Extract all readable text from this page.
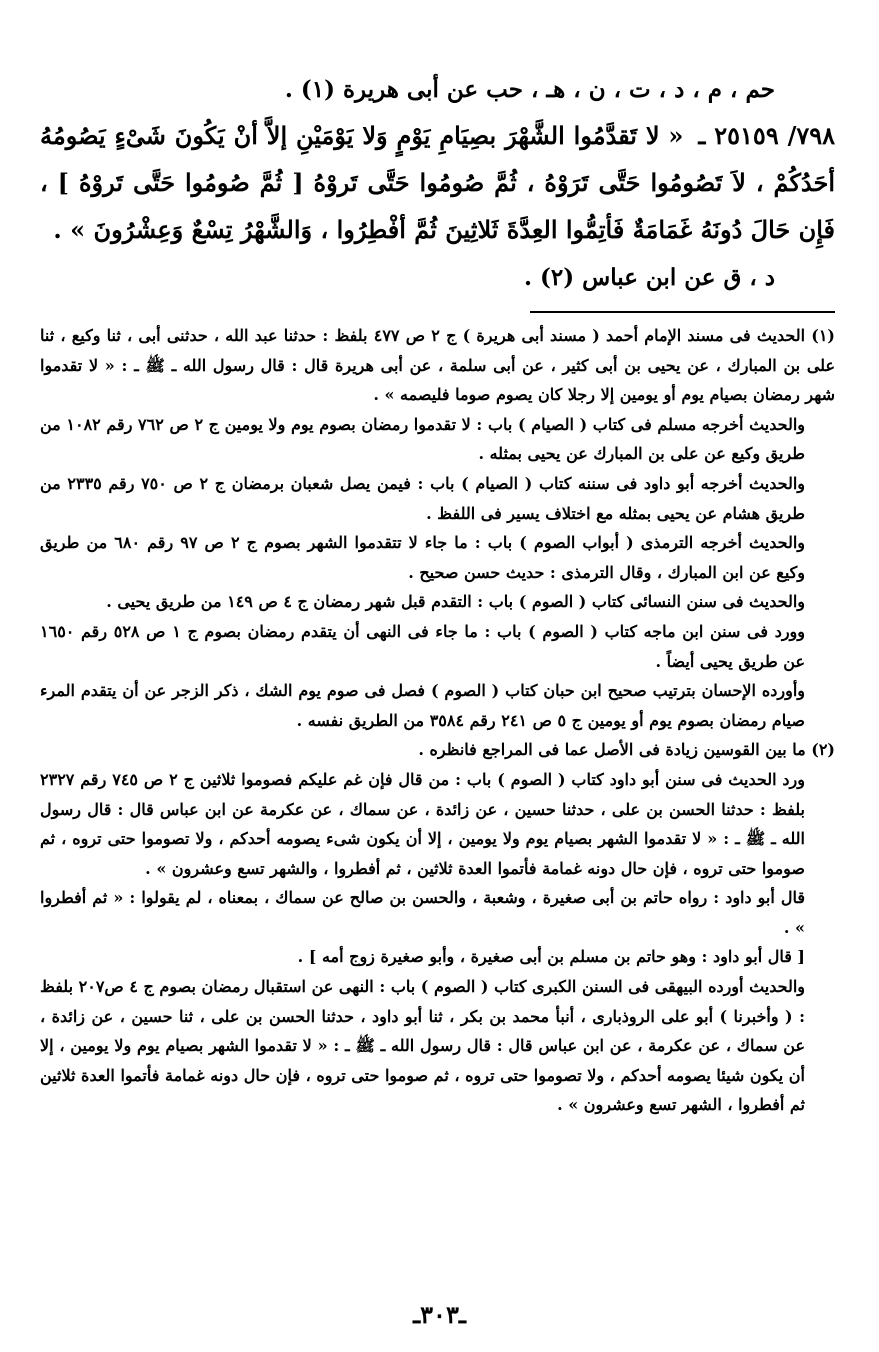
حم ، م ، د ، ت ، ن ، هـ ، حب عن أبى هريرة (١) .

٧٩٨/ ٢٥١٥٩ ـ « لا تَقدَّمُوا الشَّهْرَ بصِيَامِ يَوْمٍ وَلا يَوْمَيْنِ إلاَّ أنْ يَكُونَ شَىْءٍ يَصُومُهُ أحَدُكُمْ ، لاَ تَصُومُوا حَتَّى تَرَوْهُ ، ثُمَّ صُومُوا حَتَّى تَروْهُ [ ثُمَّ صُومُوا حَتَّى تَروْهُ ] ، فَإِن حَالَ دُونَهُ غَمَامَةٌ فَأتِمُّوا العِدَّةَ ثَلاثِينَ ثُمَّ أفْطِرُوا ، وَالشَّهْرُ تِسْعٌ وَعِشْرُونَ » .

د ، ق عن ابن عباس (٢) .

(١) الحديث فى مسند الإمام أحمد ( مسند أبى هريرة ) ج ٢ ص ٤٧٧ بلفظ : حدثنا عبد الله ، حدثنى أبى ، ثنا وكيع ، ثنا على بن المبارك ، عن يحيى بن أبى كثير ، عن أبى سلمة ، عن أبى هريرة قال : قال رسول الله ـ ﷺ ـ : « لا تقدموا شهر رمضان بصيام يوم أو يومين إلا رجلا كان يصوم صوما فليصمه » .

والحديث أخرجه مسلم فى كتاب ( الصيام ) باب : لا تقدموا رمضان بصوم يوم ولا يومين ج ٢ ص ٧٦٢ رقم ١٠٨٢ من طريق وكيع عن على بن المبارك عن يحيى بمثله .

والحديث أخرجه أبو داود فى سننه كتاب ( الصيام ) باب : فيمن يصل شعبان برمضان ج ٢ ص ٧٥٠ رقم ٢٣٣٥ من طريق هشام عن يحيى بمثله مع اختلاف يسير فى اللفظ .

والحديث أخرجه الترمذى ( أبواب الصوم ) باب : ما جاء لا تتقدموا الشهر بصوم ج ٢ ص ٩٧ رقم ٦٨٠ من طريق وكيع عن ابن المبارك ، وقال الترمذى : حديث حسن صحيح .

والحديث فى سنن النسائى كتاب ( الصوم ) باب : التقدم قبل شهر رمضان ج ٤ ص ١٤٩ من طريق يحيى .

وورد فى سنن ابن ماجه كتاب ( الصوم ) باب : ما جاء فى النهى أن يتقدم رمضان بصوم ج ١ ص ٥٢٨ رقم ١٦٥٠ عن طريق يحيى أيضاً .

وأورده الإحسان بترتيب صحيح ابن حبان كتاب ( الصوم ) فصل فى صوم يوم الشك ، ذكر الزجر عن أن يتقدم المرء صيام رمضان بصوم يوم أو يومين ج ٥ ص ٢٤١ رقم ٣٥٨٤ من الطريق نفسه .

(٢) ما بين القوسين زيادة فى الأصل عما فى المراجع فانظره .

ورد الحديث فى سنن أبو داود كتاب ( الصوم ) باب : من قال فإن غم عليكم فصوموا ثلاثين ج ٢ ص ٧٤٥ رقم ٢٣٢٧ بلفظ : حدثنا الحسن بن على ، حدثنا حسين ، عن زائدة ، عن سماك ، عن عكرمة عن ابن عباس قال : قال رسول الله ـ ﷺ ـ : « لا تقدموا الشهر بصيام يوم ولا يومين ، إلا أن يكون شىء يصومه أحدكم ، ولا تصوموا حتى تروه ، ثم صوموا حتى تروه ، فإن حال دونه غمامة فأتموا العدة ثلاثين ، ثم أفطروا ، والشهر تسع وعشرون » .

قال أبو داود : رواه حاتم بن أبى صغيرة ، وشعبة ، والحسن بن صالح عن سماك ، بمعناه ، لم يقولوا : « ثم أفطروا » .

[ قال أبو داود : وهو حاتم بن مسلم بن أبى صغيرة ، وأبو صغيرة زوج أمه ] .

والحديث أورده البيهقى فى السنن الكبرى كتاب ( الصوم ) باب : النهى عن استقبال رمضان بصوم ج ٤ ص٢٠٧ بلفظ : ( وأخبرنا ) أبو على الروذبارى ، أنبأ محمد بن بكر ، ثنا أبو داود ، حدثنا الحسن بن على ، ثنا حسين ، عن زائدة ، عن سماك ، عن عكرمة ، عن ابن عباس قال : قال رسول الله ـ ﷺ ـ : « لا تقدموا الشهر بصيام يوم ولا يومين ، إلا أن يكون شيئا يصومه أحدكم ، ولا تصوموا حتى تروه ، ثم صوموا حتى تروه ، فإن حال دونه غمامة فأتموا العدة ثلاثين ثم أفطروا ، الشهر تسع وعشرون » .

ـ٣٠٣ـ
